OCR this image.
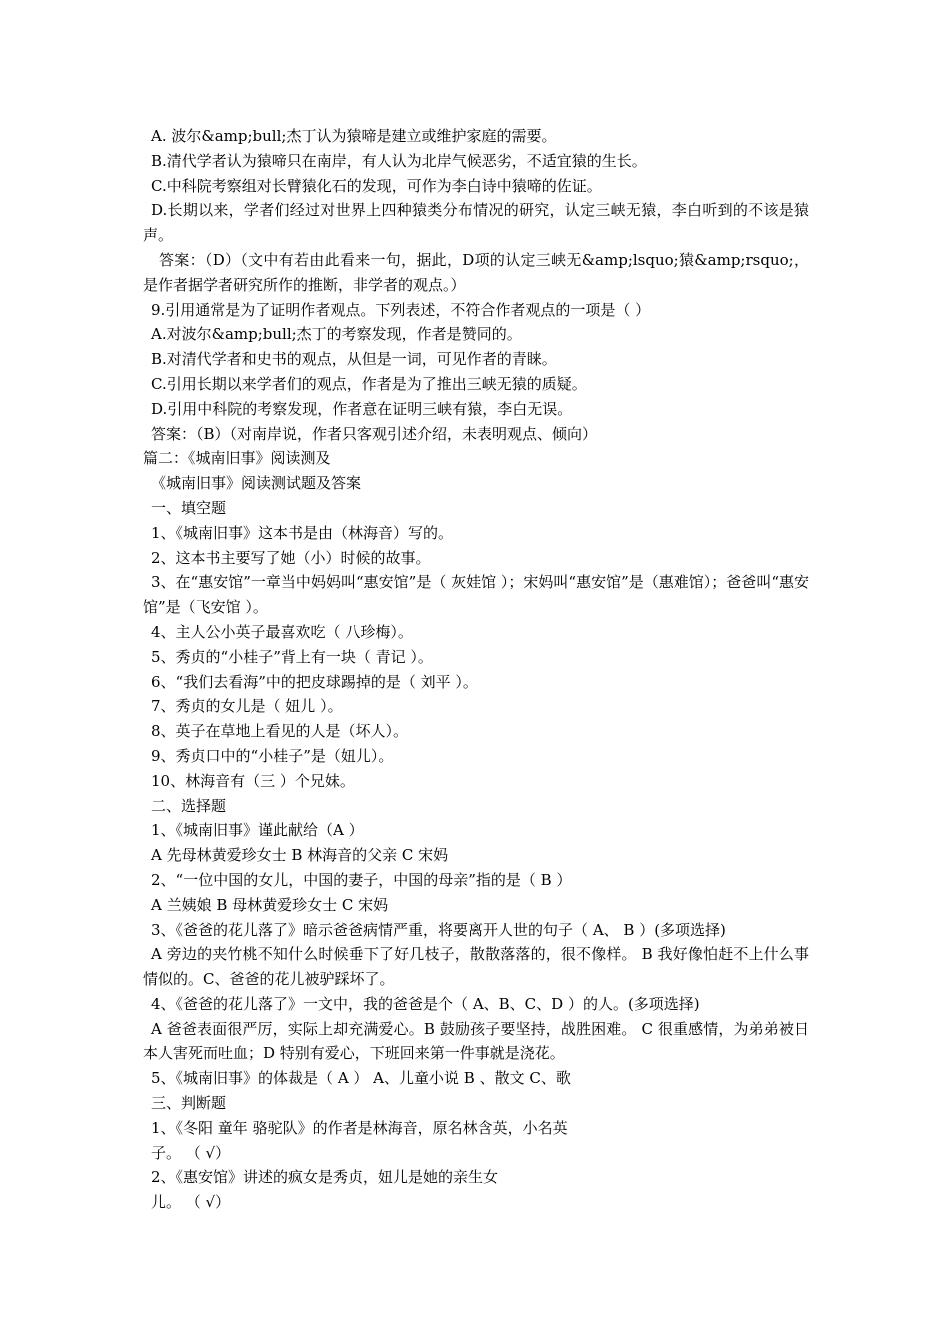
A. 波尔&amp;bull;杰丁认为猿啼是建立或维护家庭的需要。
B.清代学者认为猿啼只在南岸，有人认为北岸气候恶劣，不适宜猿的生长。
C.中科院考察组对长臂猿化石的发现，可作为李白诗中猿啼的佐证。
D.长期以来，学者们经过对世界上四种猿类分布情况的研究，认定三峡无猿，李白听到的不该是猿声。
答案：（D）（文中有若由此看来一句，据此，D项的认定三峡无&amp;lsquo;猿&amp;rsquo;，是作者据学者研究所作的推断，非学者的观点。）
9.引用通常是为了证明作者观点。下列表述，不符合作者观点的一项是（ ）
A.对波尔&amp;bull;杰丁的考察发现，作者是赞同的。
B.对清代学者和史书的观点，从但是一词，可见作者的青睐。
C.引用长期以来学者们的观点，作者是为了推出三峡无猿的质疑。
D.引用中科院的考察发现，作者意在证明三峡有猿，李白无误。
答案：（B）（对南岸说，作者只客观引述介绍，未表明观点、倾向）
篇二：《城南旧事》阅读测及
《城南旧事》阅读测试题及答案
一、填空题
1、《城南旧事》这本书是由（林海音）写的。
2、这本书主要写了她（小）时候的故事。
3、在“惠安馆”一章当中妈妈叫“惠安馆”是（ 灰娃馆 ）；宋妈叫“惠安馆”是（惠难馆）；爸爸叫“惠安馆”是（飞安馆 ）。
4、主人公小英子最喜欢吃（ 八珍梅）。
5、秀贞的“小桂子”背上有一块（ 青记 ）。
6、“我们去看海”中的把皮球踢掉的是（ 刘平 ）。
7、秀贞的女儿是（ 妞儿 ）。
8、英子在草地上看见的人是（坏人）。
9、秀贞口中的“小桂子”是（妞儿）。
10、林海音有（三 ）个兄妹。
二、选择题
1、《城南旧事》谨此献给（A ）
A 先母林黄爱珍女士 B 林海音的父亲 C 宋妈
2、“一位中国的女儿，中国的妻子，中国的母亲”指的是（ B ）
A 兰姨娘 B 母林黄爱珍女士 C 宋妈
3、《爸爸的花儿落了》暗示爸爸病情严重，将要离开人世的句子（ A、 B ）(多项选择)
A 旁边的夹竹桃不知什么时候垂下了好几枝子，散散落落的，很不像样。 B 我好像怕赶不上什么事情似的。C、爸爸的花儿被驴踩坏了。
4、《爸爸的花儿落了》一文中，我的爸爸是个（ A、B、C、D ）的人。(多项选择)
A 爸爸表面很严厉，实际上却充满爱心。B 鼓励孩子要坚持，战胜困难。 C 很重感情，为弟弟被日本人害死而吐血；D 特别有爱心，下班回来第一件事就是浇花。
5、《城南旧事》的体裁是（ A ） A、儿童小说 B 、散文 C、歌
三、判断题
1、《冬阳 童年 骆驼队》的作者是林海音，原名林含英，小名英
子。 （ √）
2、《惠安馆》讲述的疯女是秀贞，妞儿是她的亲生女
儿。 （ √）
